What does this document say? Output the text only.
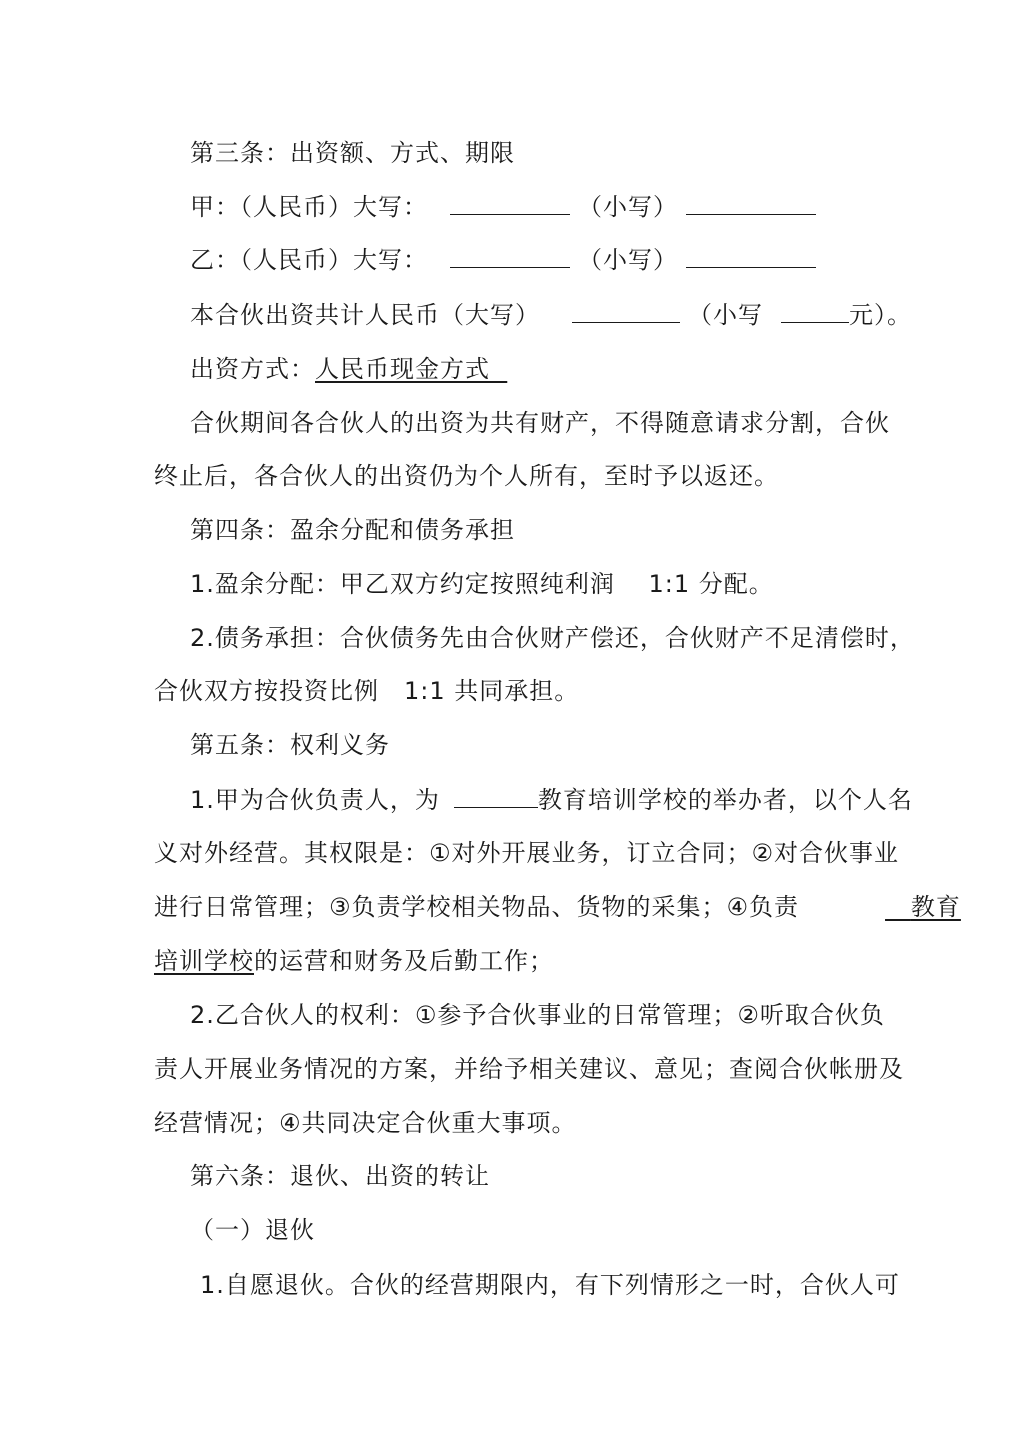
第三条：出资额、方式、期限

甲：（人民币）大写：	（小写）

乙：（人民币）大写：	（小写）

本合伙出资共计人民币（大写）	（小写	元）。

出资方式：人民币现金方式

合伙期间各合伙人的出资为共有财产，不得随意请求分割，合伙

终止后，各合伙人的出资仍为个人所有，至时予以返还。

第四条：盈余分配和债务承担

1.盈余分配：甲乙双方约定按照纯利润　 1:1 分配。

2.债务承担：合伙债务先由合伙财产偿还，合伙财产不足清偿时，

合伙双方按投资比例　1:1 共同承担。

第五条：权利义务

1.甲为合伙负责人，为	教育培训学校的举办者，以个人名

义对外经营。其权限是：①对外开展业务，订立合同；②对合伙事业

进行日常管理；③负责学校相关物品、货物的采集；④负责	教育

培训学校的运营和财务及后勤工作；

2.乙合伙人的权利：①参予合伙事业的日常管理；②听取合伙负

责人开展业务情况的方案，并给予相关建议、意见；查阅合伙帐册及

经营情况；④共同决定合伙重大事项。

第六条：退伙、出资的转让

（一）退伙

1.自愿退伙。合伙的经营期限内，有下列情形之一时，合伙人可
